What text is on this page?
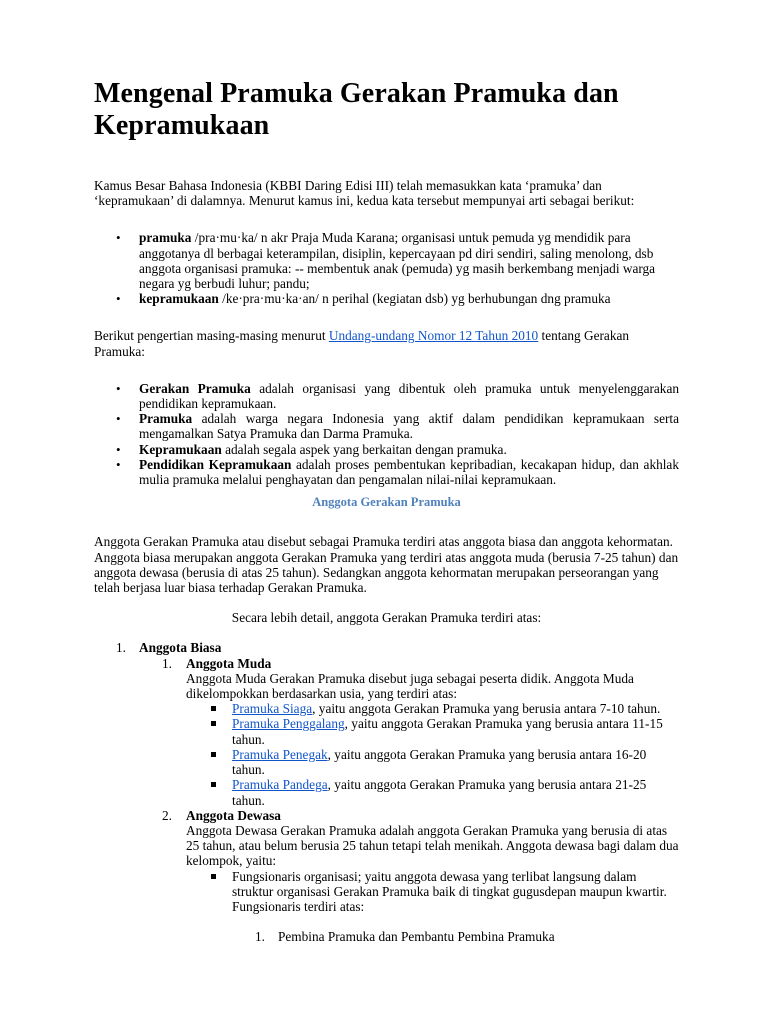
Mengenal Pramuka Gerakan Pramuka dan Kepramukaan

Kamus Besar Bahasa Indonesia (KBBI Daring Edisi III) telah memasukkan kata ‘pramuka’ dan ‘kepramukaan’ di dalamnya. Menurut kamus ini, kedua kata tersebut mempunyai arti sebagai berikut:

• pramuka /pra·mu·ka/ n akr Praja Muda Karana; organisasi untuk pemuda yg mendidik para anggotanya dl berbagai keterampilan, disiplin, kepercayaan pd diri sendiri, saling menolong, dsb anggota organisasi pramuka: -- membentuk anak (pemuda) yg masih berkembang menjadi warga negara yg berbudi luhur; pandu;
• kepramukaan /ke·pra·mu·ka·an/ n perihal (kegiatan dsb) yg berhubungan dng pramuka

Berikut pengertian masing-masing menurut Undang-undang Nomor 12 Tahun 2010 tentang Gerakan Pramuka:

• Gerakan Pramuka adalah organisasi yang dibentuk oleh pramuka untuk menyelenggarakan pendidikan kepramukaan.
• Pramuka adalah warga negara Indonesia yang aktif dalam pendidikan kepramukaan serta mengamalkan Satya Pramuka dan Darma Pramuka.
• Kepramukaan adalah segala aspek yang berkaitan dengan pramuka.
• Pendidikan Kepramukaan adalah proses pembentukan kepribadian, kecakapan hidup, dan akhlak mulia pramuka melalui penghayatan dan pengamalan nilai-nilai kepramukaan.
Anggota Gerakan Pramuka

Anggota Gerakan Pramuka atau disebut sebagai Pramuka terdiri atas anggota biasa dan anggota kehormatan. Anggota biasa merupakan anggota Gerakan Pramuka yang terdiri atas anggota muda (berusia 7-25 tahun) dan anggota dewasa (berusia di atas 25 tahun). Sedangkan anggota kehormatan merupakan perseorangan yang telah berjasa luar biasa terhadap Gerakan Pramuka.

Secara lebih detail, anggota Gerakan Pramuka terdiri atas:

1. Anggota Biasa
1. Anggota Muda
Anggota Muda Gerakan Pramuka disebut juga sebagai peserta didik. Anggota Muda dikelompokkan berdasarkan usia, yang terdiri atas:
Pramuka Siaga, yaitu anggota Gerakan Pramuka yang berusia antara 7-10 tahun.
Pramuka Penggalang, yaitu anggota Gerakan Pramuka yang berusia antara 11-15 tahun.
Pramuka Penegak, yaitu anggota Gerakan Pramuka yang berusia antara 16-20 tahun.
Pramuka Pandega, yaitu anggota Gerakan Pramuka yang berusia antara 21-25 tahun.
2. Anggota Dewasa
Anggota Dewasa Gerakan Pramuka adalah anggota Gerakan Pramuka yang berusia di atas 25 tahun, atau belum berusia 25 tahun tetapi telah menikah. Anggota dewasa bagi dalam dua kelompok, yaitu:
Fungsionaris organisasi; yaitu anggota dewasa yang terlibat langsung dalam struktur organisasi Gerakan Pramuka baik di tingkat gugusdepan maupun kwartir. Fungsionaris terdiri atas:
1. Pembina Pramuka dan Pembantu Pembina Pramuka
